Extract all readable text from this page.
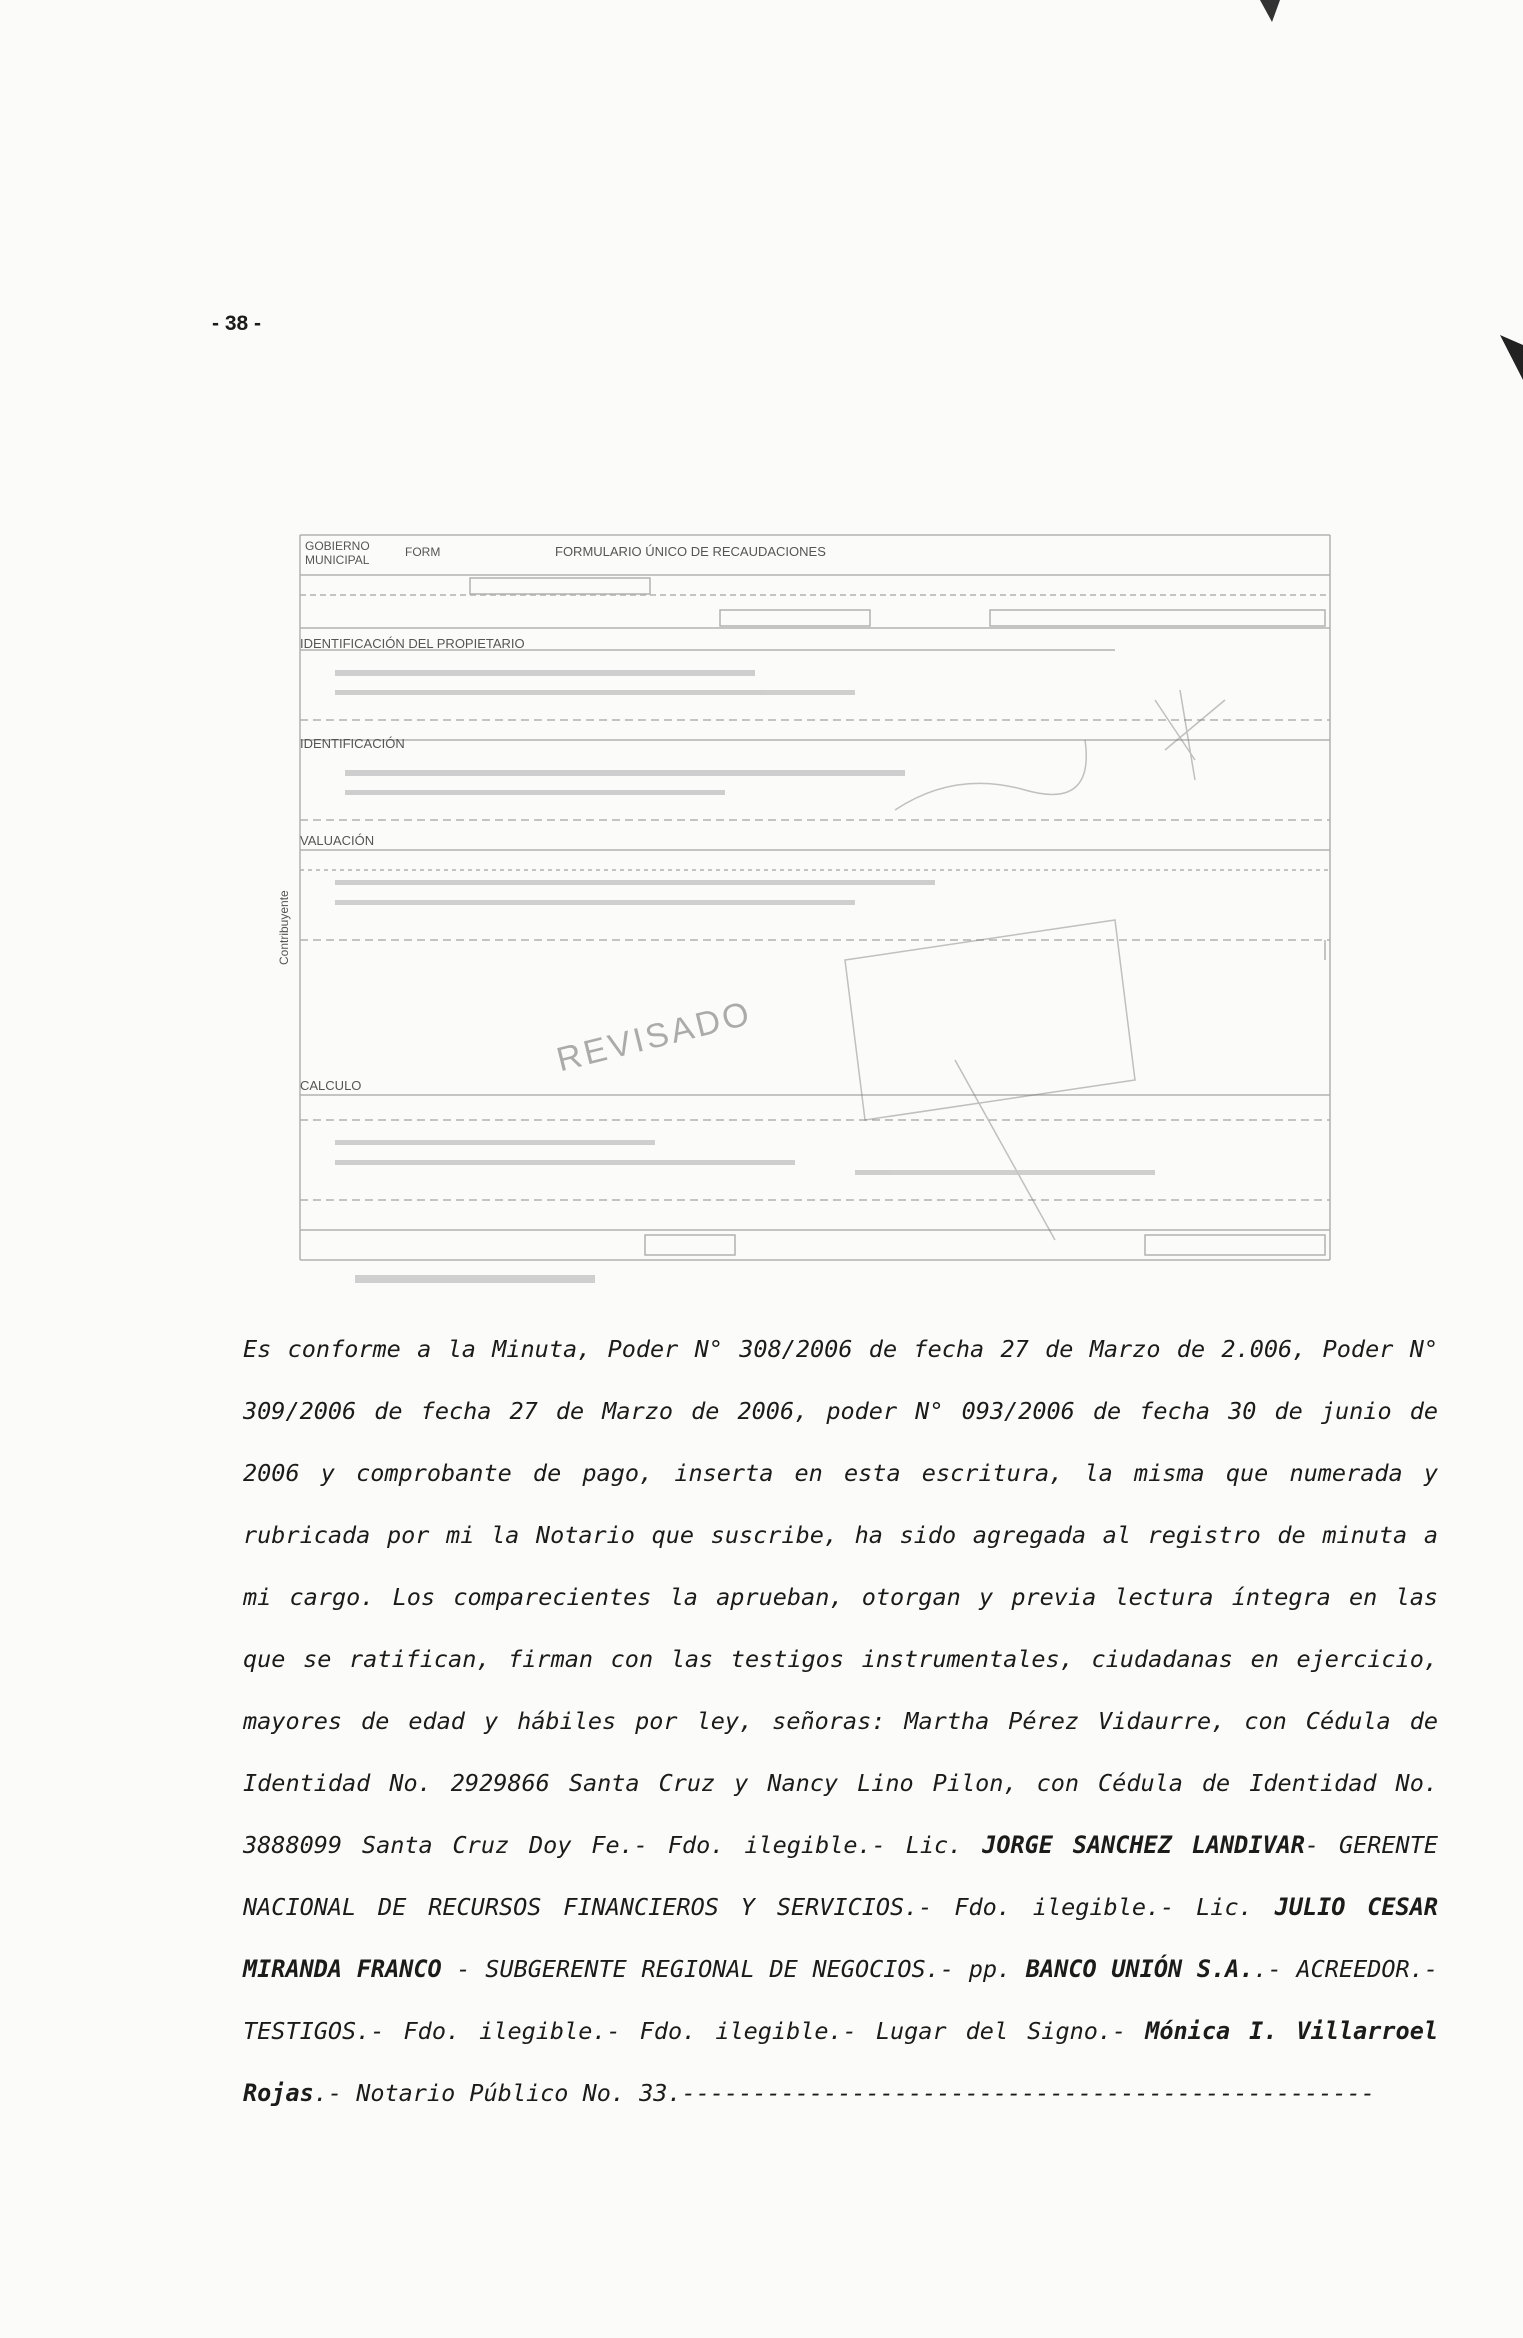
- 38 -
GOBIERNO
MUNICIPAL
FORM	FORMULARIO ÚNICO DE RECAUDACIONES
IDENTIFICACIÓN DEL PROPIETARIO
IDENTIFICACIÓN
VALUACIÓN
CALCULO
Contribuyente
REVISADO

Es conforme a la Minuta, Poder N° 308/2006 de fecha 27 de Marzo de 2.006, Poder N° 309/2006 de fecha 27 de Marzo de 2006, poder N° 093/2006 de fecha 30 de junio de 2006 y comprobante de pago, inserta en esta escritura, la misma que numerada y rubricada por mi la Notario que suscribe, ha sido agregada al registro de minuta a mi cargo. Los comparecientes la aprueban, otorgan y previa lectura íntegra en las que se ratifican, firman con las testigos instrumentales, ciudadanas en ejercicio, mayores de edad y hábiles por ley, señoras: Martha Pérez Vidaurre, con Cédula de Identidad No. 2929866 Santa Cruz y Nancy Lino Pilon, con Cédula de Identidad No. 3888099 Santa Cruz Doy Fe.- Fdo. ilegible.- Lic. JORGE SANCHEZ LANDIVAR- GERENTE NACIONAL DE RECURSOS FINANCIEROS Y SERVICIOS.- Fdo. ilegible.- Lic. JULIO CESAR MIRANDA FRANCO - SUBGERENTE REGIONAL DE NEGOCIOS.- pp. BANCO UNIÓN S.A..- ACREEDOR.- TESTIGOS.- Fdo. ilegible.- Fdo. ilegible.- Lugar del Signo.- Mónica I. Villarroel Rojas.- Notario Público No. 33.-------------------------------------------------
